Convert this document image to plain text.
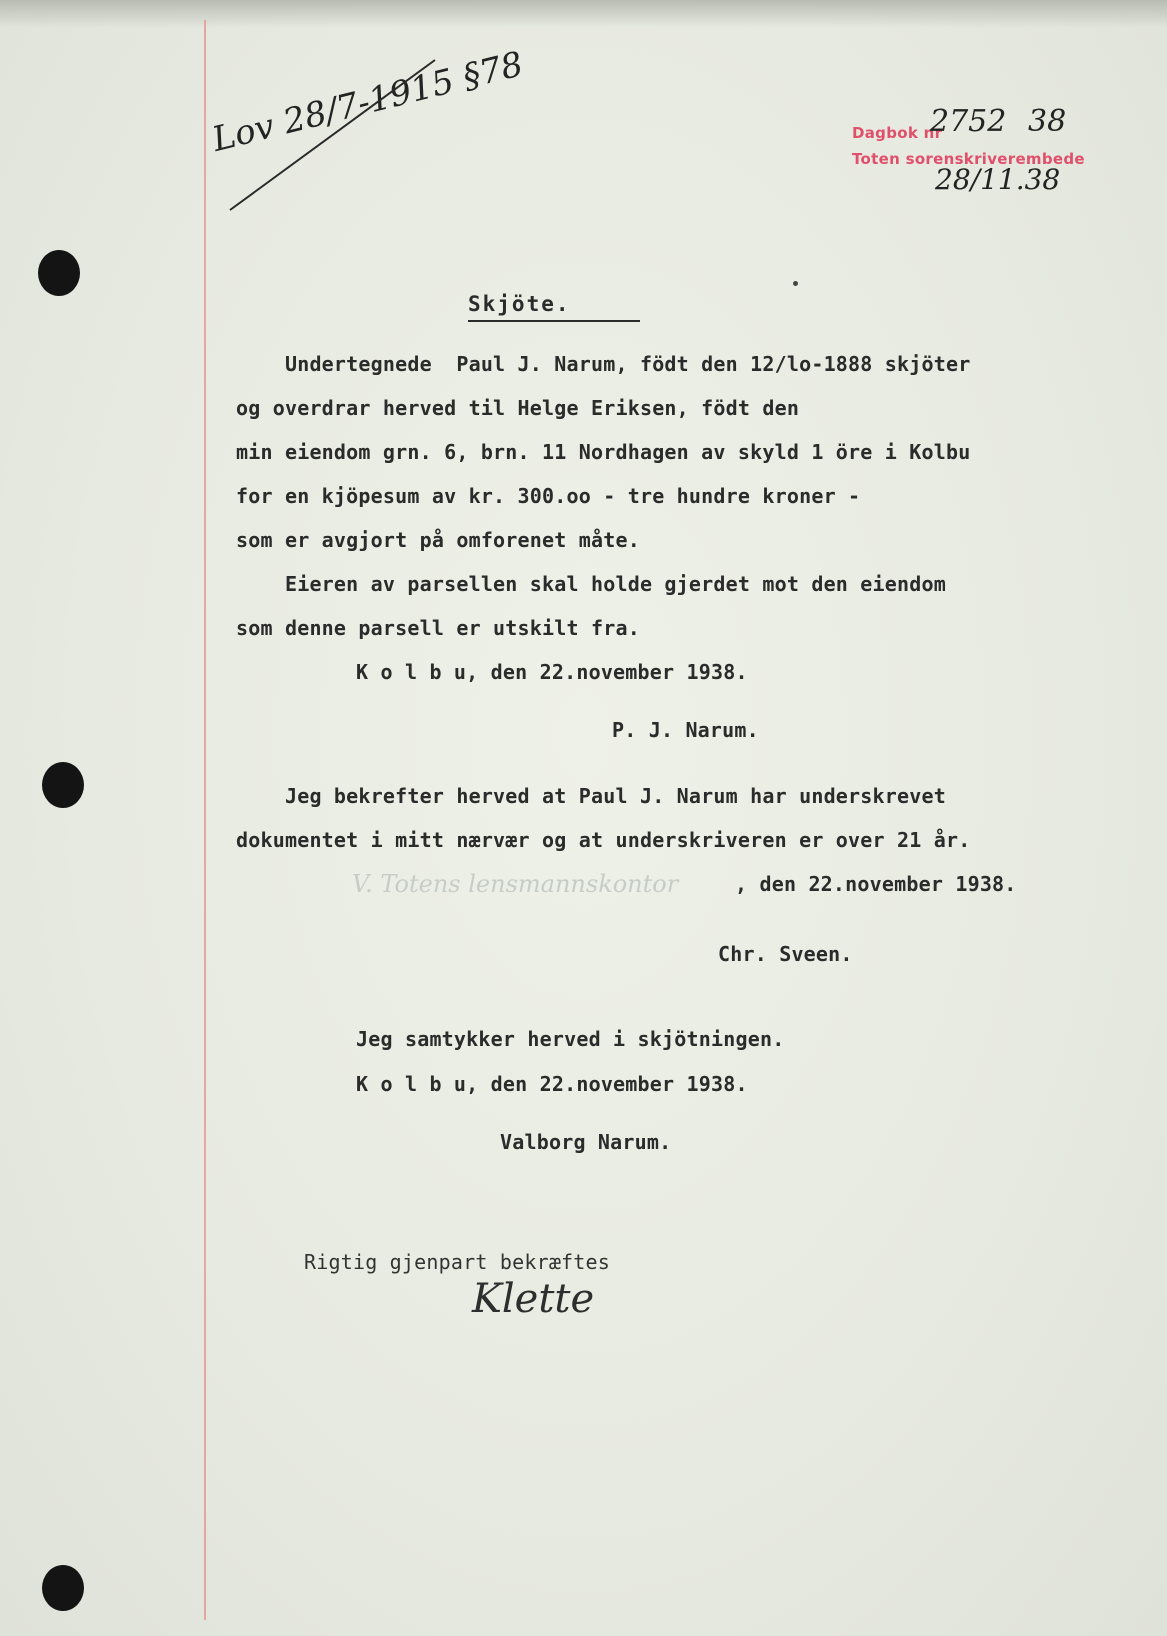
Lov 28/7-1915 §78	Dagbok nr
2752 38
Toten sorenskriverembede
28/11.38
Skjöte.
Undertegnede  Paul J. Narum, födt den 12/lo-1888 skjöter
og overdrar herved til Helge Eriksen, födt den
min eiendom grn. 6, brn. 11 Nordhagen av skyld 1 öre i Kolbu
for en kjöpesum av kr. 300.oo - tre hundre kroner -
som er avgjort på omforenet måte.
Eieren av parsellen skal holde gjerdet mot den eiendom
som denne parsell er utskilt fra.
K o l b u, den 22.november 1938.
P. J. Narum.
Jeg bekrefter herved at Paul J. Narum har underskrevet
dokumentet i mitt nærvær og at underskriveren er over 21 år.
V. Totens lensmannskontor	, den 22.november 1938.
Chr. Sveen.
Jeg samtykker herved i skjötningen.
K o l b u, den 22.november 1938.
Valborg Narum.
Rigtig gjenpart bekræftes
Klette
